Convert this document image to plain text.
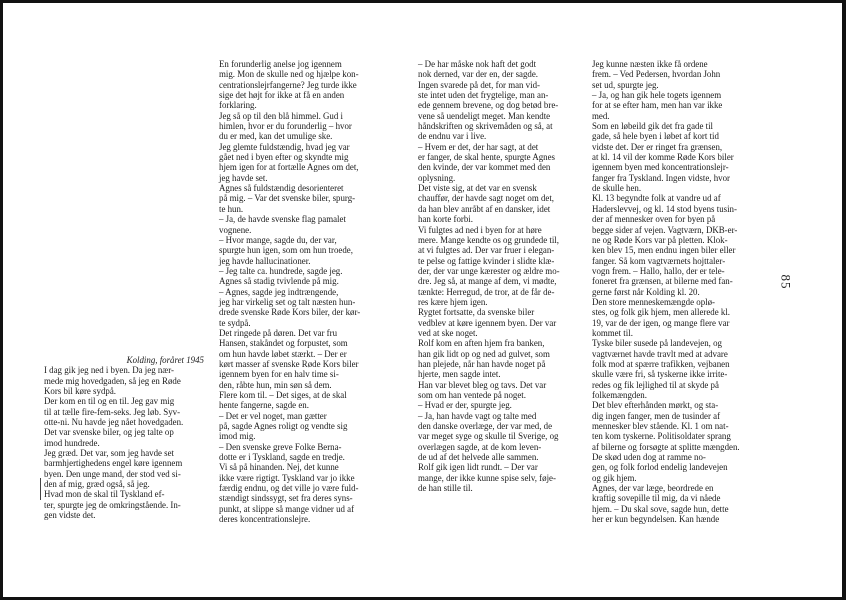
Kolding, foråret 1945

I dag gik jeg ned i byen. Da jeg nær-

mede mig hovedgaden, så jeg en Røde

Kors bil køre sydpå.

Der kom en til og en til. Jeg gav mig

til at tælle fire-fem-seks. Jeg løb. Syv-

otte-ni. Nu havde jeg nået hovedgaden.

Det var svenske biler, og jeg talte op

imod hundrede.

Jeg græd. Det var, som jeg havde set

barmhjertighedens engel køre igennem

byen. Den unge mand, der stod ved si-

den af mig, græd også, så jeg.

Hvad mon de skal til Tyskland ef-

ter, spurgte jeg de omkringstående. In-

gen vidste det.

En forunderlig anelse jog igennem

mig. Mon de skulle ned og hjælpe kon-

centrationslejrfangerne? Jeg turde ikke

sige det højt for ikke at få en anden

forklaring.

Jeg så op til den blå himmel. Gud i

himlen, hvor er du forunderlig – hvor

du er med, kan det umulige ske.

Jeg glemte fuldstændig, hvad jeg var

gået ned i byen efter og skyndte mig

hjem igen for at fortælle Agnes om det,

jeg havde set.

Agnes så fuldstændig desorienteret

på mig. – Var det svenske biler, spurg-

te hun.

– Ja, de havde svenske flag pamalet

vognene.

– Hvor mange, sagde du, der var,

spurgte hun igen, som om hun troede,

jeg havde hallucinationer.

– Jeg talte ca. hundrede, sagde jeg.

Agnes så stadig tvivlende på mig.

– Agnes, sagde jeg indtrængende,

jeg har virkelig set og talt næsten hun-

drede svenske Røde Kors biler, der kør-

te sydpå.

Det ringede på døren. Det var fru

Hansen, stakåndet og forpustet, som

om hun havde løbet stærkt. – Der er

kørt masser af svenske Røde Kors biler

igennem byen for en halv time si-

den, råbte hun, min søn så dem.

Flere kom til. – Det siges, at de skal

hente fangerne, sagde en.

– Det er vel noget, man gætter

på, sagde Agnes roligt og vendte sig

imod mig.

– Den svenske greve Folke Berna-

dotte er i Tyskland, sagde en tredje.

Vi så på hinanden. Nej, det kunne

ikke være rigtigt. Tyskland var jo ikke

færdig endnu, og det ville jo være fuld-

stændigt sindssygt, set fra deres syns-

punkt, at slippe så mange vidner ud af

deres koncentrationslejre.

– De har måske nok haft det godt

nok derned, var der en, der sagde.

Ingen svarede på det, for man vid-

ste intet uden det frygtelige, man an-

ede gennem brevene, og dog betød bre-

vene så uendeligt meget. Man kendte

håndskriften og skrivemåden og så, at

de endnu var i live.

– Hvem er det, der har sagt, at det

er fanger, de skal hente, spurgte Agnes

den kvinde, der var kommet med den

oplysning.

Det viste sig, at det var en svensk

chauffør, der havde sagt noget om det,

da han blev anråbt af en dansker, idet

han korte forbi.

Vi fulgtes ad ned i byen for at høre

mere. Mange kendte os og grundede til,

at vi fulgtes ad. Der var fruer i elegan-

te pelse og fattige kvinder i slidte klæ-

der, der var unge kærester og ældre mo-

dre. Jeg så, at mange af dem, vi mødte,

tænkte: Herregud, de tror, at de får de-

res kære hjem igen.

Rygtet fortsatte, da svenske biler

vedblev at køre igennem byen. Der var

ved at ske noget.

Rolf kom en aften hjem fra banken,

han gik lidt op og ned ad gulvet, som

han plejede, når han havde noget på

hjerte, men sagde intet.

Han var blevet bleg og tavs. Det var

som om han ventede på noget.

– Hvad er der, spurgte jeg.

– Ja, han havde vagt og talte med

den danske overlæge, der var med, de

var meget syge og skulle til Sverige, og

overlægen sagde, at de kom leven-

de ud af det helvede alle sammen.

Rolf gik igen lidt rundt. – Der var

mange, der ikke kunne spise selv, føje-

de han stille til.

Jeg kunne næsten ikke få ordene

frem. – Ved Pedersen, hvordan John

set ud, spurgte jeg.

– Ja, og han gik hele togets igennem

for at se efter ham, men han var ikke

med.

Som en løbeild gik det fra gade til

gade, så hele byen i løbet af kort tid

vidste det. Der er ringet fra grænsen,

at kl. 14 vil der komme Røde Kors biler

igennem byen med koncentrationslejr-

fanger fra Tyskland. Ingen vidste, hvor

de skulle hen.

Kl. 13 begyndte folk at vandre ud af

Haderslevvej, og kl. 14 stod byens tusin-

der af mennesker oven for byen på

begge sider af vejen. Vagtværn, DKB-er-

ne og Røde Kors var på pletten. Klok-

ken blev 15, men endnu ingen biler eller

fanger. Så kom vagtværnets hojttaler-

vogn frem. – Hallo, hallo, der er tele-

foneret fra grænsen, at bilerne med fan-

gerne først når Kolding kl. 20.

Den store menneskemængde oplø-

stes, og folk gik hjem, men allerede kl.

19, var de der igen, og mange flere var

kommet til.

Tyske biler susede på landevejen, og

vagtværnet havde travlt med at advare

folk mod at spærre trafikken, vejbanen

skulle være fri, så tyskerne ikke irrite-

redes og fik lejlighed til at skyde på

folkemængden.

Det blev efterhånden mørkt, og sta-

dig ingen fanger, men de tusinder af

mennesker blev stående. Kl. 1 om nat-

ten kom tyskerne. Politisoldater sprang

af bilerne og forsøgte at splitte mængden.

De skød uden dog at ramme no-

gen, og folk forlod endelig landevejen

og gik hjem.

Agnes, der var læge, beordrede en

kraftig sovepille til mig, da vi nåede

hjem. – Du skal sove, sagde hun, dette

her er kun begyndelsen. Kan hænde

85
